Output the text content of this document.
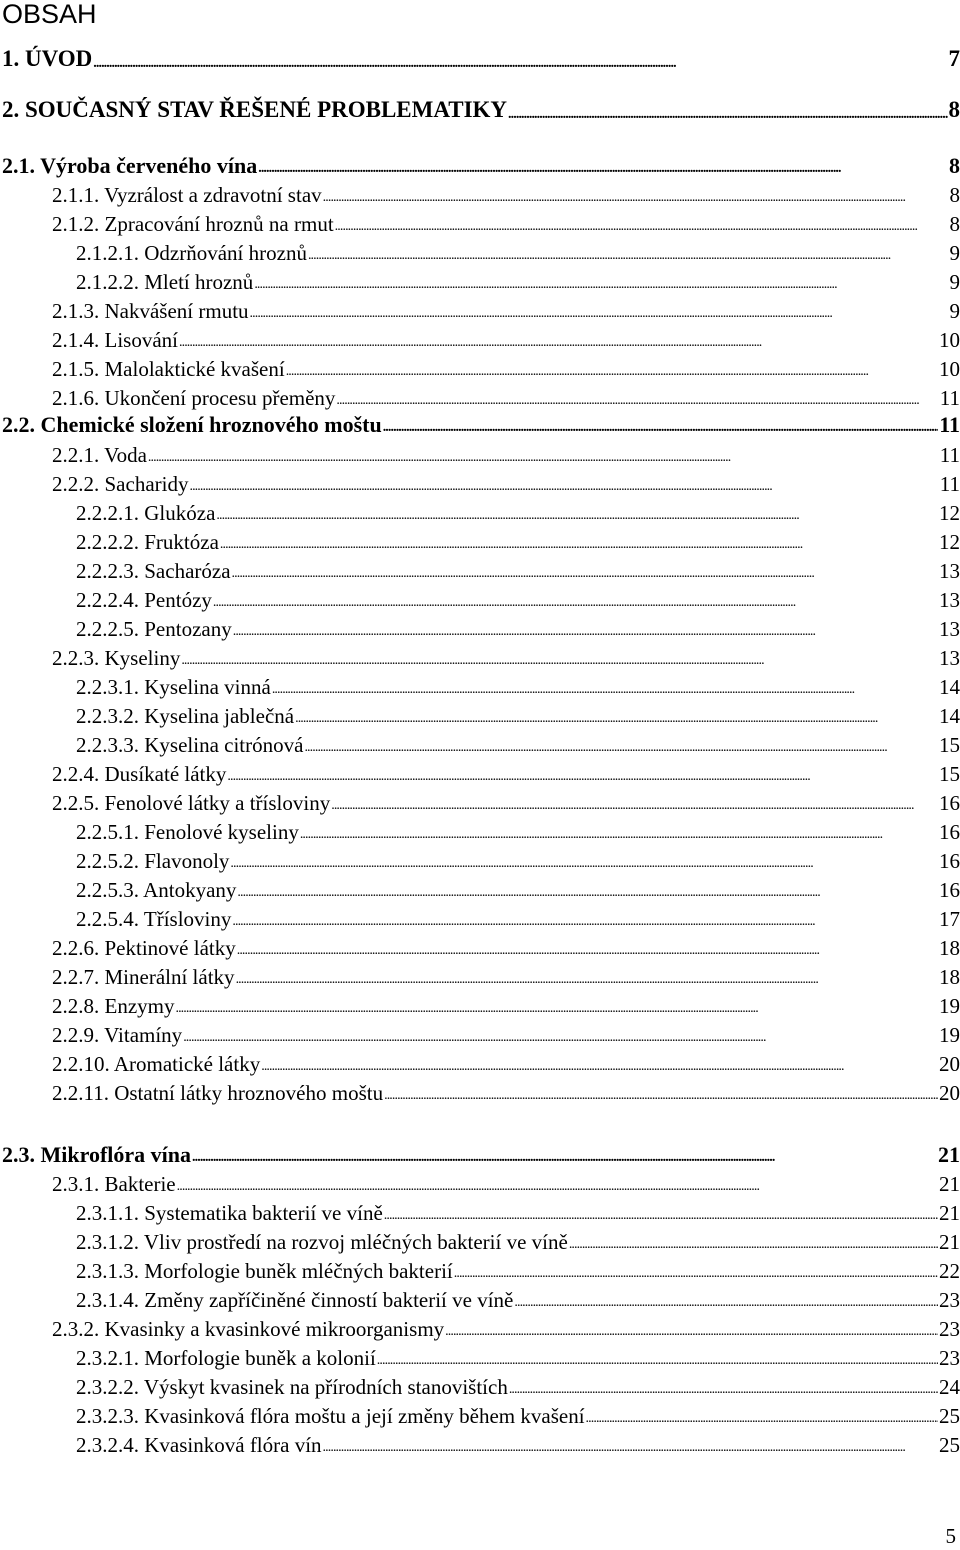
OBSAH
1. ÚVOD . . .	7
2. SOUČASNÝ STAV ŘEŠENÉ PROBLEMATIKY . . .	8
2.1. Výroba červeného vína . . .	8
2.1.1. Vyzrálost a zdravotní stav . . .	8
2.1.2. Zpracování hroznů na rmut . . .	8
2.1.2.1. Odzrňování hroznů . . .	9
2.1.2.2. Mletí hroznů . . .	9
2.1.3. Nakvášení rmutu . . .	9
2.1.4. Lisování . . .	10
2.1.5. Malolaktické kvašení . . .	10
2.1.6. Ukončení procesu přeměny . . .	11
2.2. Chemické složení hroznového moštu . . .	11
2.2.1. Voda . . .	11
2.2.2. Sacharidy . . .	11
2.2.2.1. Glukóza . . .	12
2.2.2.2. Fruktóza . . .	12
2.2.2.3. Sacharóza . . .	13
2.2.2.4. Pentózy . . .	13
2.2.2.5. Pentozany . . .	13
2.2.3. Kyseliny . . .	13
2.2.3.1. Kyselina vinná . . .	14
2.2.3.2. Kyselina jablečná . . .	14
2.2.3.3. Kyselina citrónová . . .	15
2.2.4. Dusíkaté látky . . .	15
2.2.5. Fenolové látky a třísloviny . . .	16
2.2.5.1. Fenolové kyseliny . . .	16
2.2.5.2. Flavonoly . . .	16
2.2.5.3. Antokyany . . .	16
2.2.5.4. Třísloviny . . .	17
2.2.6. Pektinové látky . . .	18
2.2.7. Minerální látky . . .	18
2.2.8. Enzymy . . .	19
2.2.9. Vitamíny . . .	19
2.2.10. Aromatické látky . . .	20
2.2.11. Ostatní látky hroznového moštu . . .	20
2.3. Mikroflóra vína . . .	21
2.3.1. Bakterie . . .	21
2.3.1.1. Systematika bakterií ve víně . . .	21
2.3.1.2. Vliv prostředí na rozvoj mléčných bakterií ve víně . . .	21
2.3.1.3. Morfologie buněk mléčných bakterií . . .	22
2.3.1.4. Změny zapříčiněné činností bakterií ve víně . . .	23
2.3.2. Kvasinky a kvasinkové mikroorganismy . . .	23
2.3.2.1. Morfologie buněk a kolonií . . .	23
2.3.2.2. Výskyt kvasinek na přírodních stanovištích . . .	24
2.3.2.3. Kvasinková flóra moštu a její změny během kvašení . . .	25
2.3.2.4. Kvasinková flóra vín . . .	25
5
